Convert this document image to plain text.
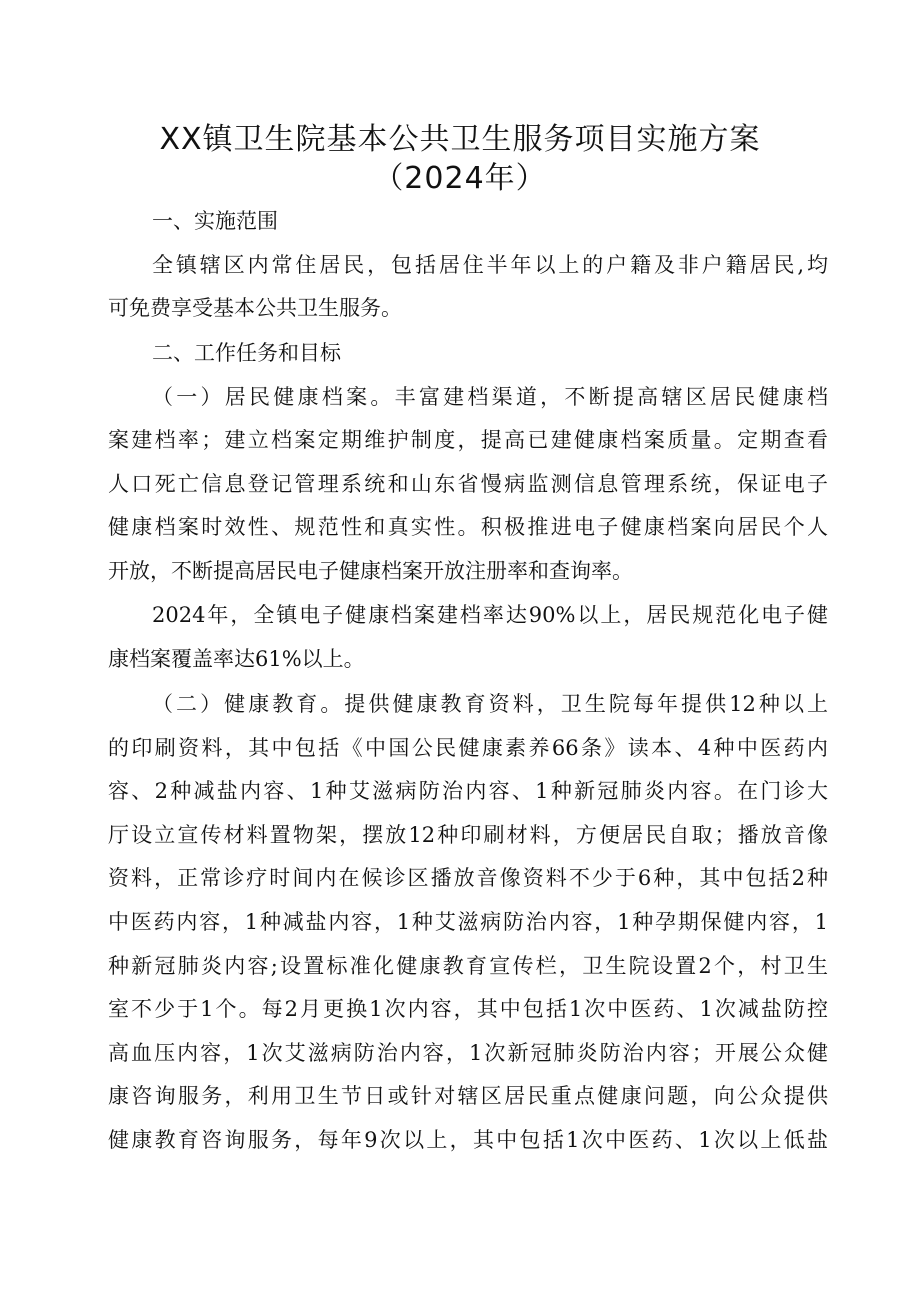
XX镇卫生院基本公共卫生服务项目实施方案
（2024年）
一、实施范围
全镇辖区内常住居民，包括居住半年以上的户籍及非户籍居民,均
可免费享受基本公共卫生服务。
二、工作任务和目标
（一）居民健康档案。丰富建档渠道，不断提高辖区居民健康档
案建档率；建立档案定期维护制度，提高已建健康档案质量。定期查看
人口死亡信息登记管理系统和山东省慢病监测信息管理系统，保证电子
健康档案时效性、规范性和真实性。积极推进电子健康档案向居民个人
开放，不断提高居民电子健康档案开放注册率和查询率。
2024年，全镇电子健康档案建档率达90%以上，居民规范化电子健
康档案覆盖率达61%以上。
（二）健康教育。提供健康教育资料，卫生院每年提供12种以上
的印刷资料，其中包括《中国公民健康素养66条》读本、4种中医药内
容、2种减盐内容、1种艾滋病防治内容、1种新冠肺炎内容。在门诊大
厅设立宣传材料置物架，摆放12种印刷材料，方便居民自取；播放音像
资料，正常诊疗时间内在候诊区播放音像资料不少于6种，其中包括2种
中医药内容，1种减盐内容，1种艾滋病防治内容，1种孕期保健内容，1
种新冠肺炎内容;设置标准化健康教育宣传栏，卫生院设置2个，村卫生
室不少于1个。每2月更换1次内容，其中包括1次中医药、1次减盐防控
高血压内容，1次艾滋病防治内容，1次新冠肺炎防治内容；开展公众健
康咨询服务，利用卫生节日或针对辖区居民重点健康问题，向公众提供
健康教育咨询服务，每年9次以上，其中包括1次中医药、1次以上低盐
